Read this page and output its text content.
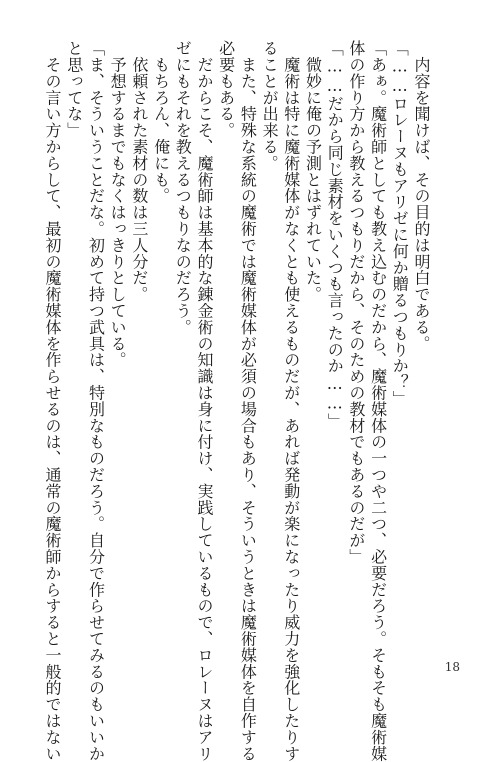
　内容を聞けば、その目的は明白である。
「……ロレーヌもアリゼに何か贈るつもりか？」
「あぁ。魔術師としても教え込むのだから、魔術媒体の一つや二つ、必要だろう。そもそも魔術媒
体の作り方から教えるつもりだから、そのための教材でもあるのだが」
「……だから同じ素材をいくつも言ったのか……」
　微妙に俺の予測とはずれていた。
　魔術は特に魔術媒体がなくとも使えるものだが、あれば発動が楽になったり威力を強化したりす
ることが出来る。
　また、特殊な系統の魔術では魔術媒体が必須の場合もあり、そういうときは魔術媒体を自作する
必要もある。
　だからこそ、魔術師は基本的な錬金術の知識は身に付け、実践しているもので、ロレーヌはアリ
ゼにもそれを教えるつもりなのだろう。
　もちろん、俺にも。
　依頼された素材の数は三人分だ。
　予想するまでもなくはっきりとしている。
「ま、そういうことだな。初めて持つ武具は、特別なものだろう。自分で作らせてみるのもいいか
と思ってな」
　その言い方からして、最初の魔術媒体を作らせるのは、通常の魔術師からすると一般的ではない	18
